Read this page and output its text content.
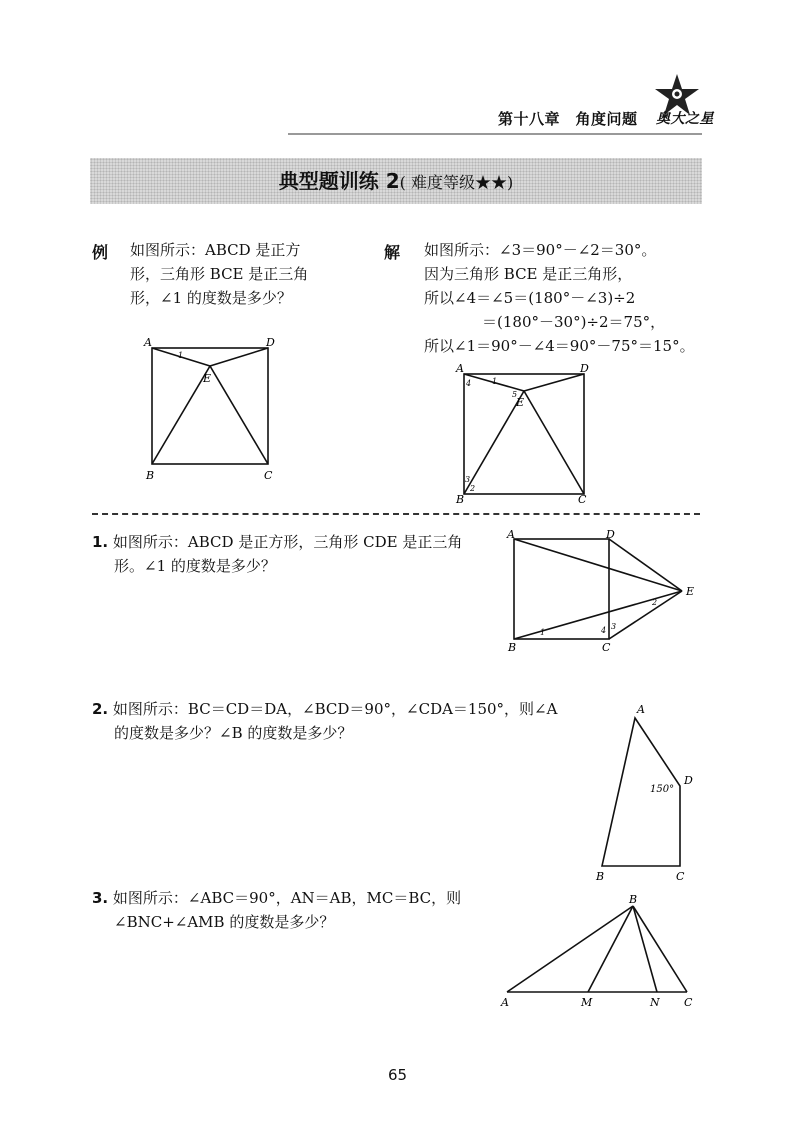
第十八章　角度问题 奥大之星
典型题训练 2( 难度等级★★)
例 如图所示：ABCD 是正方
形，三角形 BCE 是正三角
形，∠1 的度数是多少？
A	D
E
B	C
1
解 如图所示：∠3＝90°－∠2＝30°。
因为三角形 BCE 是正三角形，
所以∠4＝∠5＝(180°－∠3)÷2
＝(180°－30°)÷2＝75°，
所以∠1＝90°－∠4＝90°－75°＝15°。
A	D
E
B	C
1
4
5
3
2
1. 如图所示：ABCD 是正方形，三角形 CDE 是正三角
形。∠1 的度数是多少？
A	D
E
B	C
1
2
3
4
2. 如图所示：BC＝CD＝DA，∠BCD＝90°，∠CDA＝150°，则∠A
的度数是多少？∠B 的度数是多少？
A
D
B	C
150°
3. 如图所示：∠ABC＝90°，AN＝AB，MC＝BC，则
∠BNC+∠AMB 的度数是多少？
B
A	M	N C
65
